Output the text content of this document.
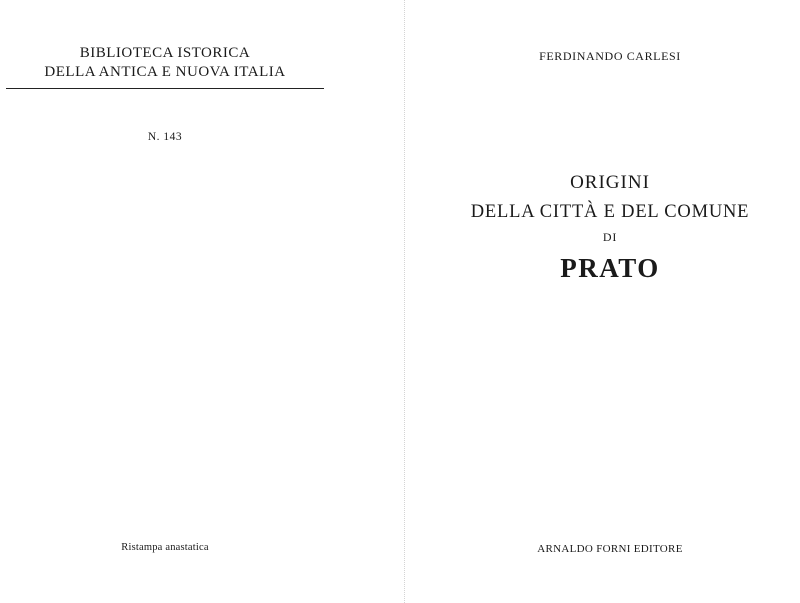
BIBLIOTECA ISTORICA
DELLA ANTICA E NUOVA ITALIA
N. 143
Ristampa anastatica
FERDINANDO CARLESI
ORIGINI
DELLA CITTÀ E DEL COMUNE
DI
PRATO
ARNALDO FORNI EDITORE
